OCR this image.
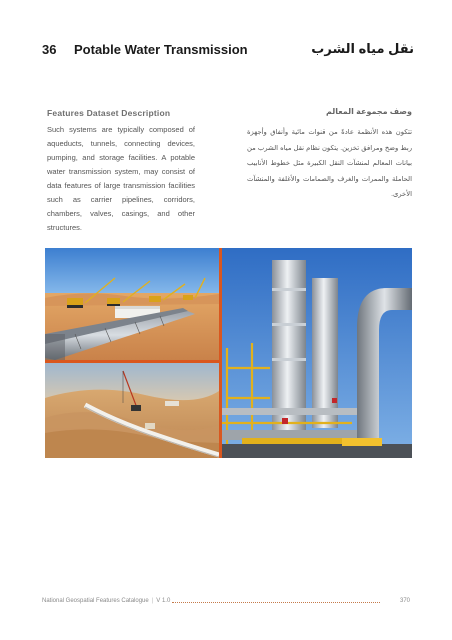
36 Potable Water Transmission	نقل مياه الشرب
Features Dataset Description	وصف مجموعة المعالم

Such systems are typically composed of aqueducts, tunnels, connecting devices, pumping, and storage facilities. A potable water transmission system, may consist of data features of large transmission facilities such as carrier pipelines, corridors, chambers, valves, casings, and other structures.

تتكون هذه الأنظمة عادةً من قنوات مائية وأنفاق وأجهزة ربط وضخ ومرافق تخزين. يتكون نظام نقل مياه الشرب من بيانات المعالم لمنشآت النقل الكبيرة مثل خطوط الأنابيب الحاملة والممرات والغرف والصمامات والأغلفة والمنشآت الأخرى.

National Geospatial Features Catalogue | V 1.0	370
